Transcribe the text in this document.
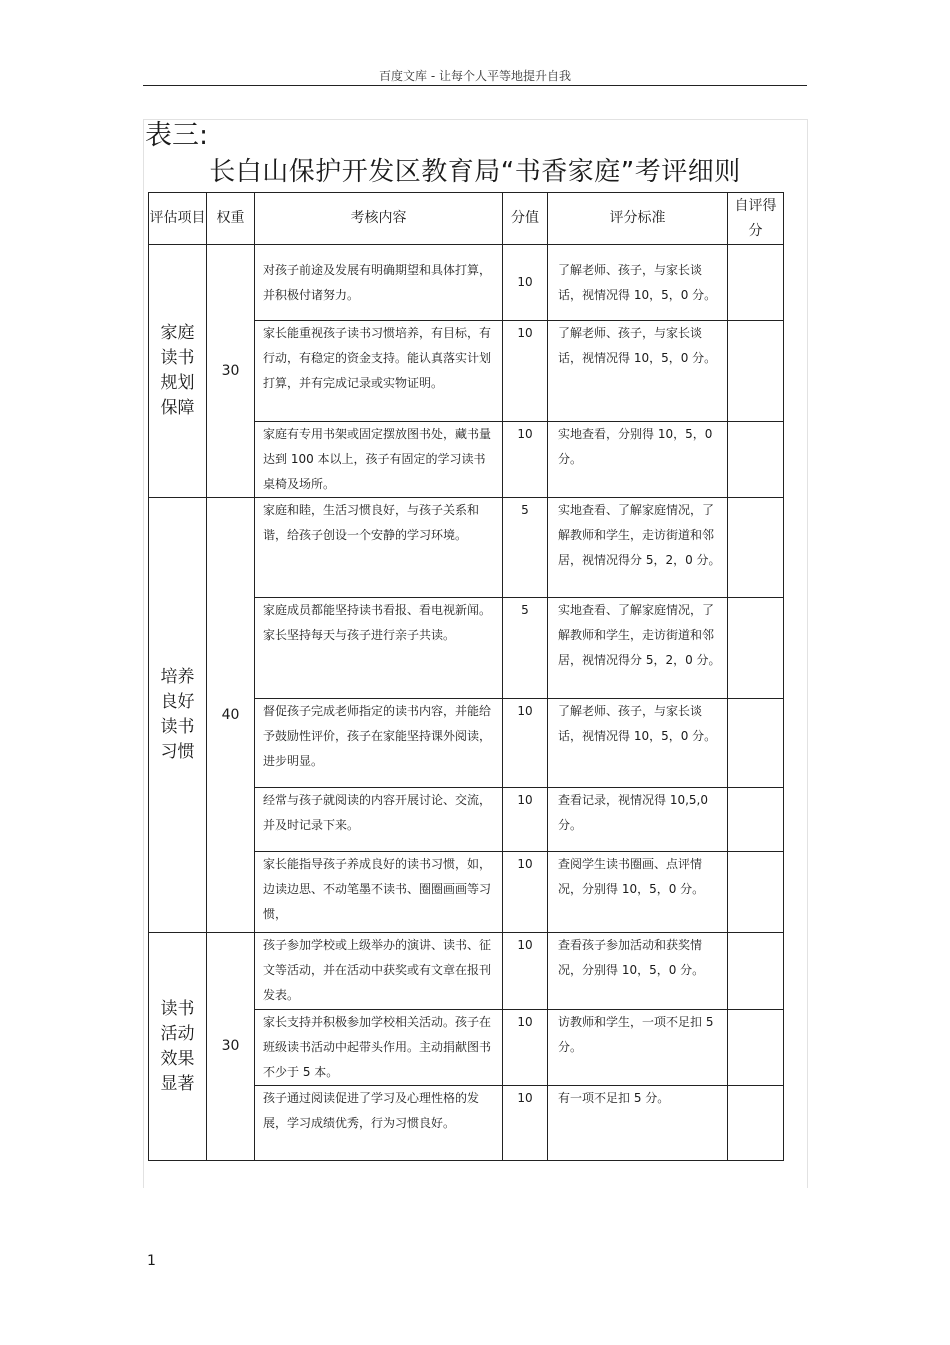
百度文库 - 让每个人平等地提升自我
表三:
长白山保护开发区教育局“书香家庭”考评细则
评估项目	权重	考核内容	分值	评分标准	自评得分
家庭读书规划保障	30	对孩子前途及发展有明确期望和具体打算，并积极付诸努力。	10	了解老师、孩子，与家长谈话，视情况得 10，5，0 分。	
		家长能重视孩子读书习惯培养，有目标，有行动，有稳定的资金支持。能认真落实计划打算，并有完成记录或实物证明。	10	了解老师、孩子，与家长谈话，视情况得 10，5，0 分。	
		家庭有专用书架或固定摆放图书处，藏书量达到 100 本以上，孩子有固定的学习读书桌椅及场所。	10	实地查看，分别得 10，5，0 分。	
培养良好读书习惯	40	家庭和睦，生活习惯良好，与孩子关系和谐，给孩子创设一个安静的学习环境。	5	实地查看、了解家庭情况，了解教师和学生，走访街道和邻居，视情况得分 5，2，0 分。	
		家庭成员都能坚持读书看报、看电视新闻。家长坚持每天与孩子进行亲子共读。	5	实地查看、了解家庭情况，了解教师和学生，走访街道和邻居，视情况得分 5，2，0 分。	
		督促孩子完成老师指定的读书内容，并能给予鼓励性评价，孩子在家能坚持课外阅读，进步明显。	10	了解老师、孩子，与家长谈话，视情况得 10，5，0 分。	
		经常与孩子就阅读的内容开展讨论、交流，并及时记录下来。	10	查看记录，视情况得 10,5,0 分。	
		家长能指导孩子养成良好的读书习惯，如，边读边思、不动笔墨不读书、圈圈画画等习惯，	10	查阅学生读书圈画、点评情况，分别得 10，5，0 分。	
读书活动效果显著	30	孩子参加学校或上级举办的演讲、读书、征文等活动，并在活动中获奖或有文章在报刊发表。	10	查看孩子参加活动和获奖情况，分别得 10，5，0 分。	
		家长支持并积极参加学校相关活动。孩子在班级读书活动中起带头作用。主动捐献图书不少于 5 本。	10	访教师和学生，一项不足扣 5 分。	
		孩子通过阅读促进了学习及心理性格的发展，学习成绩优秀，行为习惯良好。	10	有一项不足扣 5 分。	
1
